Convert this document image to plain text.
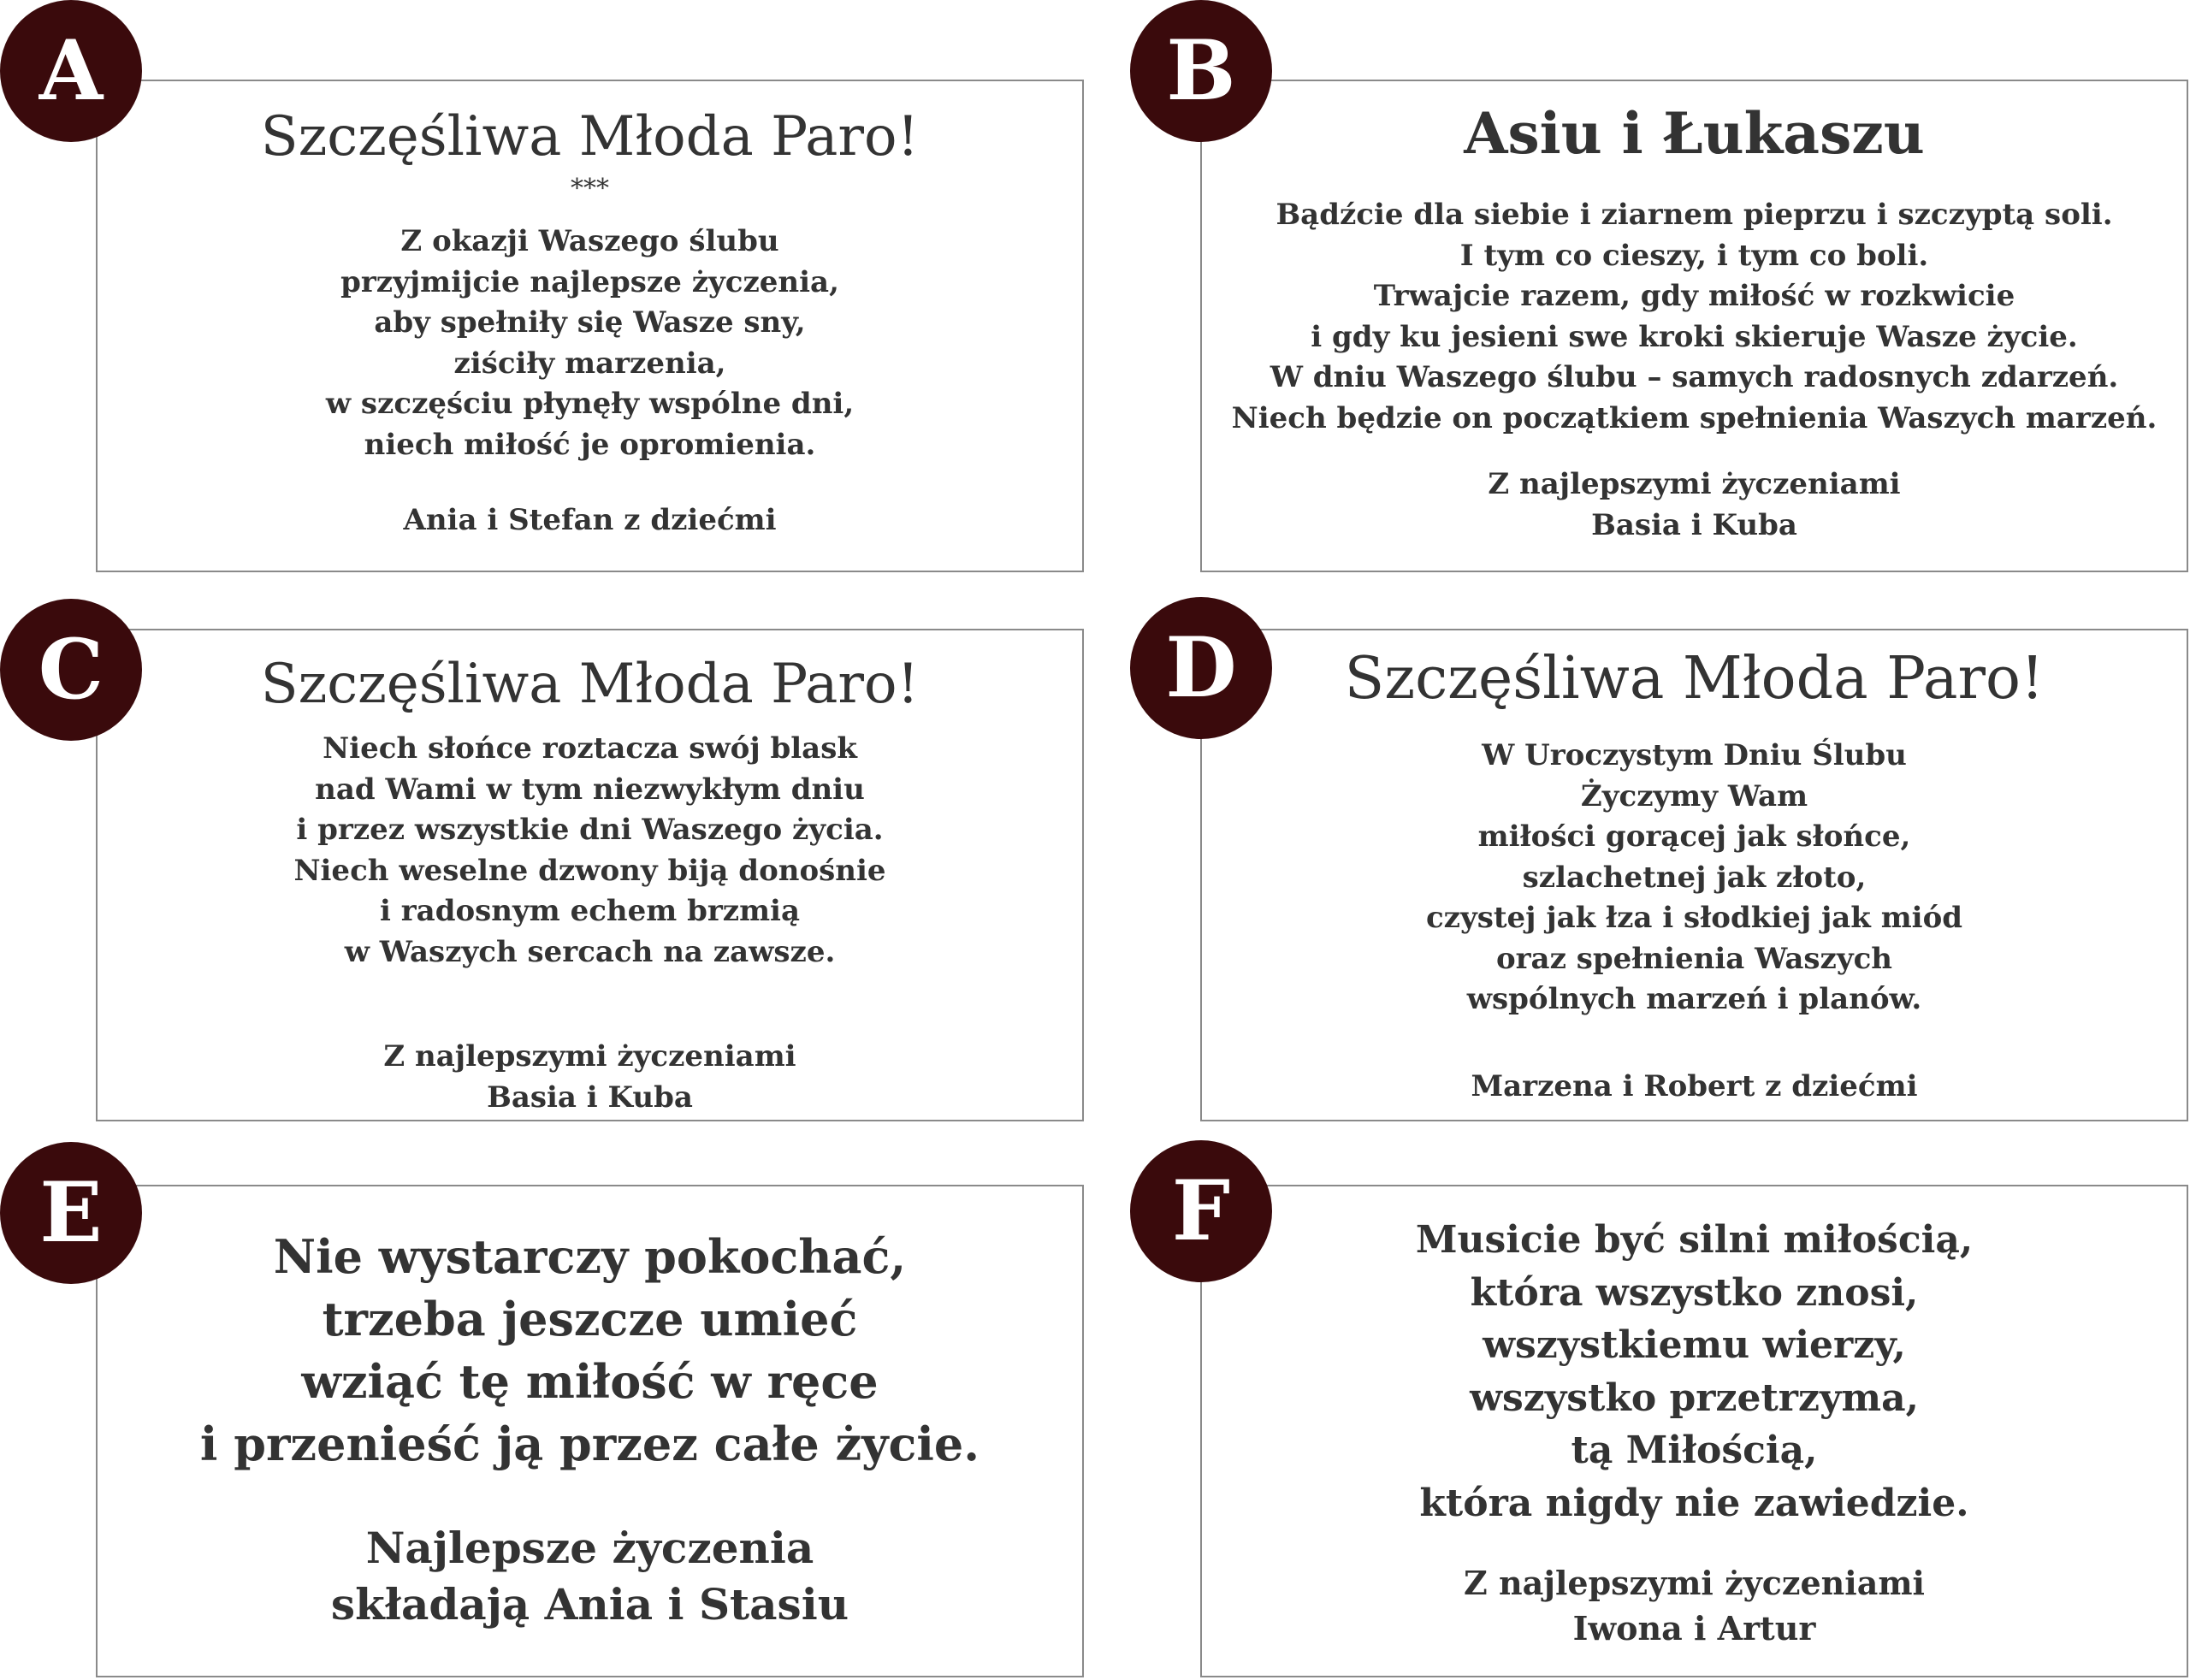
Szczęśliwa Młoda Paro!
***
Z okazji Waszego ślubu
przyjmijcie najlepsze życzenia,
aby spełniły się Wasze sny,
ziściły marzenia,
w szczęściu płynęły wspólne dni,
niech miłość je opromienia.
Ania i Stefan z dziećmi
A
Asiu i Łukaszu
Bądźcie dla siebie i ziarnem pieprzu i szczyptą soli.
I tym co cieszy, i tym co boli.
Trwajcie razem, gdy miłość w rozkwicie
i gdy ku jesieni swe kroki skieruje Wasze życie.
W dniu Waszego ślubu – samych radosnych zdarzeń.
Niech będzie on początkiem spełnienia Waszych marzeń.
Z najlepszymi życzeniami
Basia i Kuba
B
Szczęśliwa Młoda Paro!
Niech słońce roztacza swój blask
nad Wami w tym niezwykłym dniu
i przez wszystkie dni Waszego życia.
Niech weselne dzwony biją donośnie
i radosnym echem brzmią
w Waszych sercach na zawsze.
Z najlepszymi życzeniami
Basia i Kuba
C	Szczęśliwa Młoda Paro!
W Uroczystym Dniu Ślubu
Życzymy Wam
miłości gorącej jak słońce,
szlachetnej jak złoto,
czystej jak łza i słodkiej jak miód
oraz spełnienia Waszych
wspólnych marzeń i planów.
Marzena i Robert z dziećmi
D
Nie wystarczy pokochać,
trzeba jeszcze umieć
wziąć tę miłość w ręce
i przenieść ją przez całe życie.
Najlepsze życzenia
składają Ania i Stasiu
E	Musicie być silni miłością,
która wszystko znosi,
wszystkiemu wierzy,
wszystko przetrzyma,
tą Miłością,
która nigdy nie zawiedzie.
Z najlepszymi życzeniami
Iwona i Artur
F
